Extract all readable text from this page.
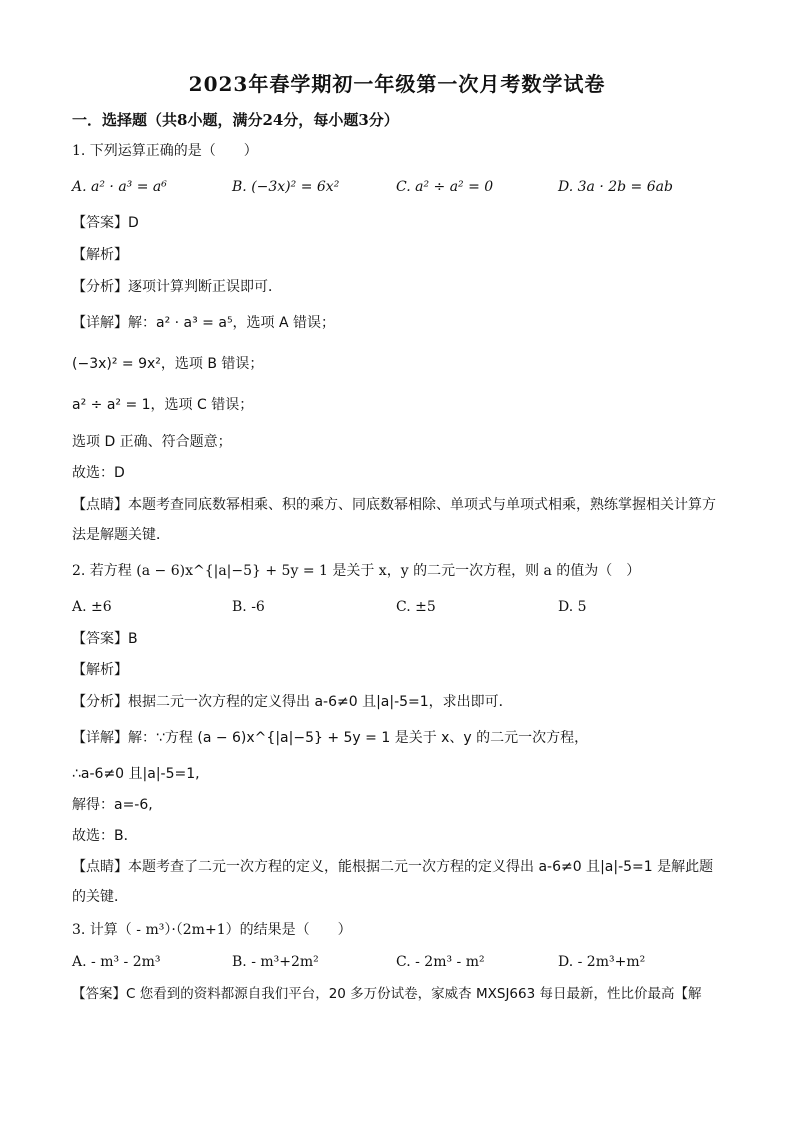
2023年春学期初一年级第一次月考数学试卷
一．选择题（共8小题，满分24分，每小题3分）
1. 下列运算正确的是（　　）
A. a² · a³ = a⁶	B. (−3x)² = 6x²	C. a² ÷ a² = 0	D. 3a · 2b = 6ab
【答案】D
【解析】
【分析】逐项计算判断正误即可．
【详解】解：a² · a³ = a⁵，选项 A 错误；
(−3x)² = 9x²，选项 B 错误；
a² ÷ a² = 1，选项 C 错误；
选项 D 正确、符合题意；
故选：D
【点睛】本题考查同底数幂相乘、积的乘方、同底数幂相除、单项式与单项式相乘，熟练掌握相关计算方法是解题关键．
2. 若方程 (a − 6)x^{|a|−5} + 5y = 1 是关于 x，y 的二元一次方程，则 a 的值为（　）
A. ±6	B. -6	C. ±5	D. 5
【答案】B
【解析】
【分析】根据二元一次方程的定义得出 a-6≠0 且|a|-5=1，求出即可．
【详解】解：∵方程 (a − 6)x^{|a|−5} + 5y = 1 是关于 x、y 的二元一次方程，
∴a-6≠0 且|a|-5=1,
解得：a=-6,
故选：B．
【点睛】本题考查了二元一次方程的定义，能根据二元一次方程的定义得出 a-6≠0 且|a|-5=1 是解此题的关键．
3. 计算（ - m³）·（2m+1）的结果是（　　）
A. - m³ - 2m³	B. - m³+2m²	C. - 2m³ - m²	D. - 2m³+m²
【答案】C 您看到的资料都源自我们平台，20 多万份试卷，家威杏 MXSJ663 每日最新，性比价最高【解
